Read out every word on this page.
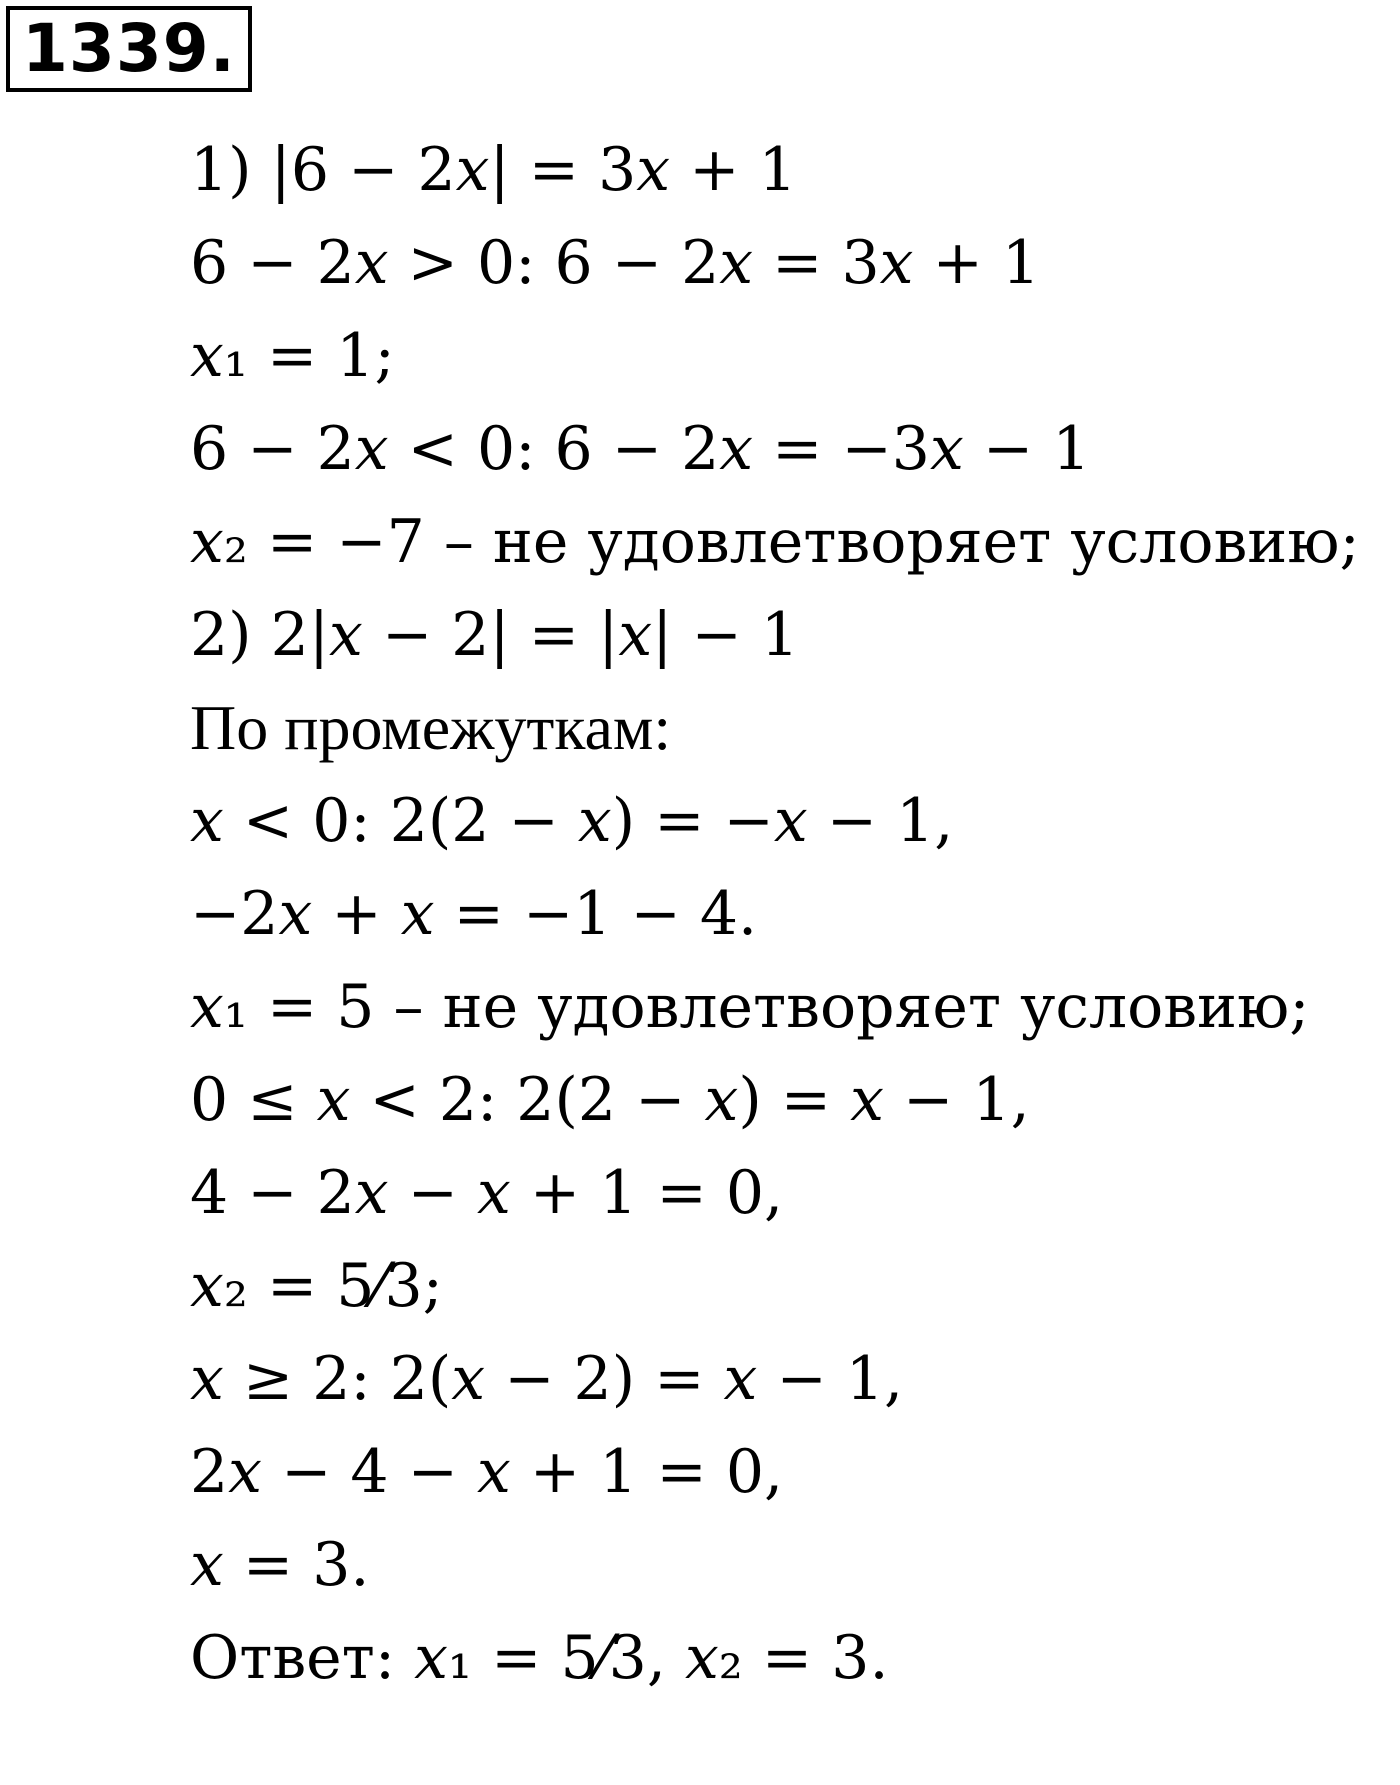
1339.
1) |6 − 2𝑥| = 3𝑥 + 1
6 − 2𝑥 > 0: 6 − 2𝑥 = 3𝑥 + 1
𝑥₁ = 1;
6 − 2𝑥 < 0: 6 − 2𝑥 = −3𝑥 − 1
𝑥₂ = −7 – не удовлетворяет условию;
2) 2|𝑥 − 2| = |𝑥| − 1
По промежуткам:
𝑥 < 0: 2(2 − 𝑥) = −𝑥 − 1,
−2𝑥 + 𝑥 = −1 − 4.
𝑥₁ = 5 – не удовлетворяет условию;
0 ≤ 𝑥 < 2: 2(2 − 𝑥) = 𝑥 − 1,
4 − 2𝑥 − 𝑥 + 1 = 0,
𝑥₂ = 5⁄3;
𝑥 ≥ 2: 2(𝑥 − 2) = 𝑥 − 1,
2𝑥 − 4 − 𝑥 + 1 = 0,
𝑥 = 3.
Ответ: 𝑥₁ = 5⁄3, 𝑥₂ = 3.
